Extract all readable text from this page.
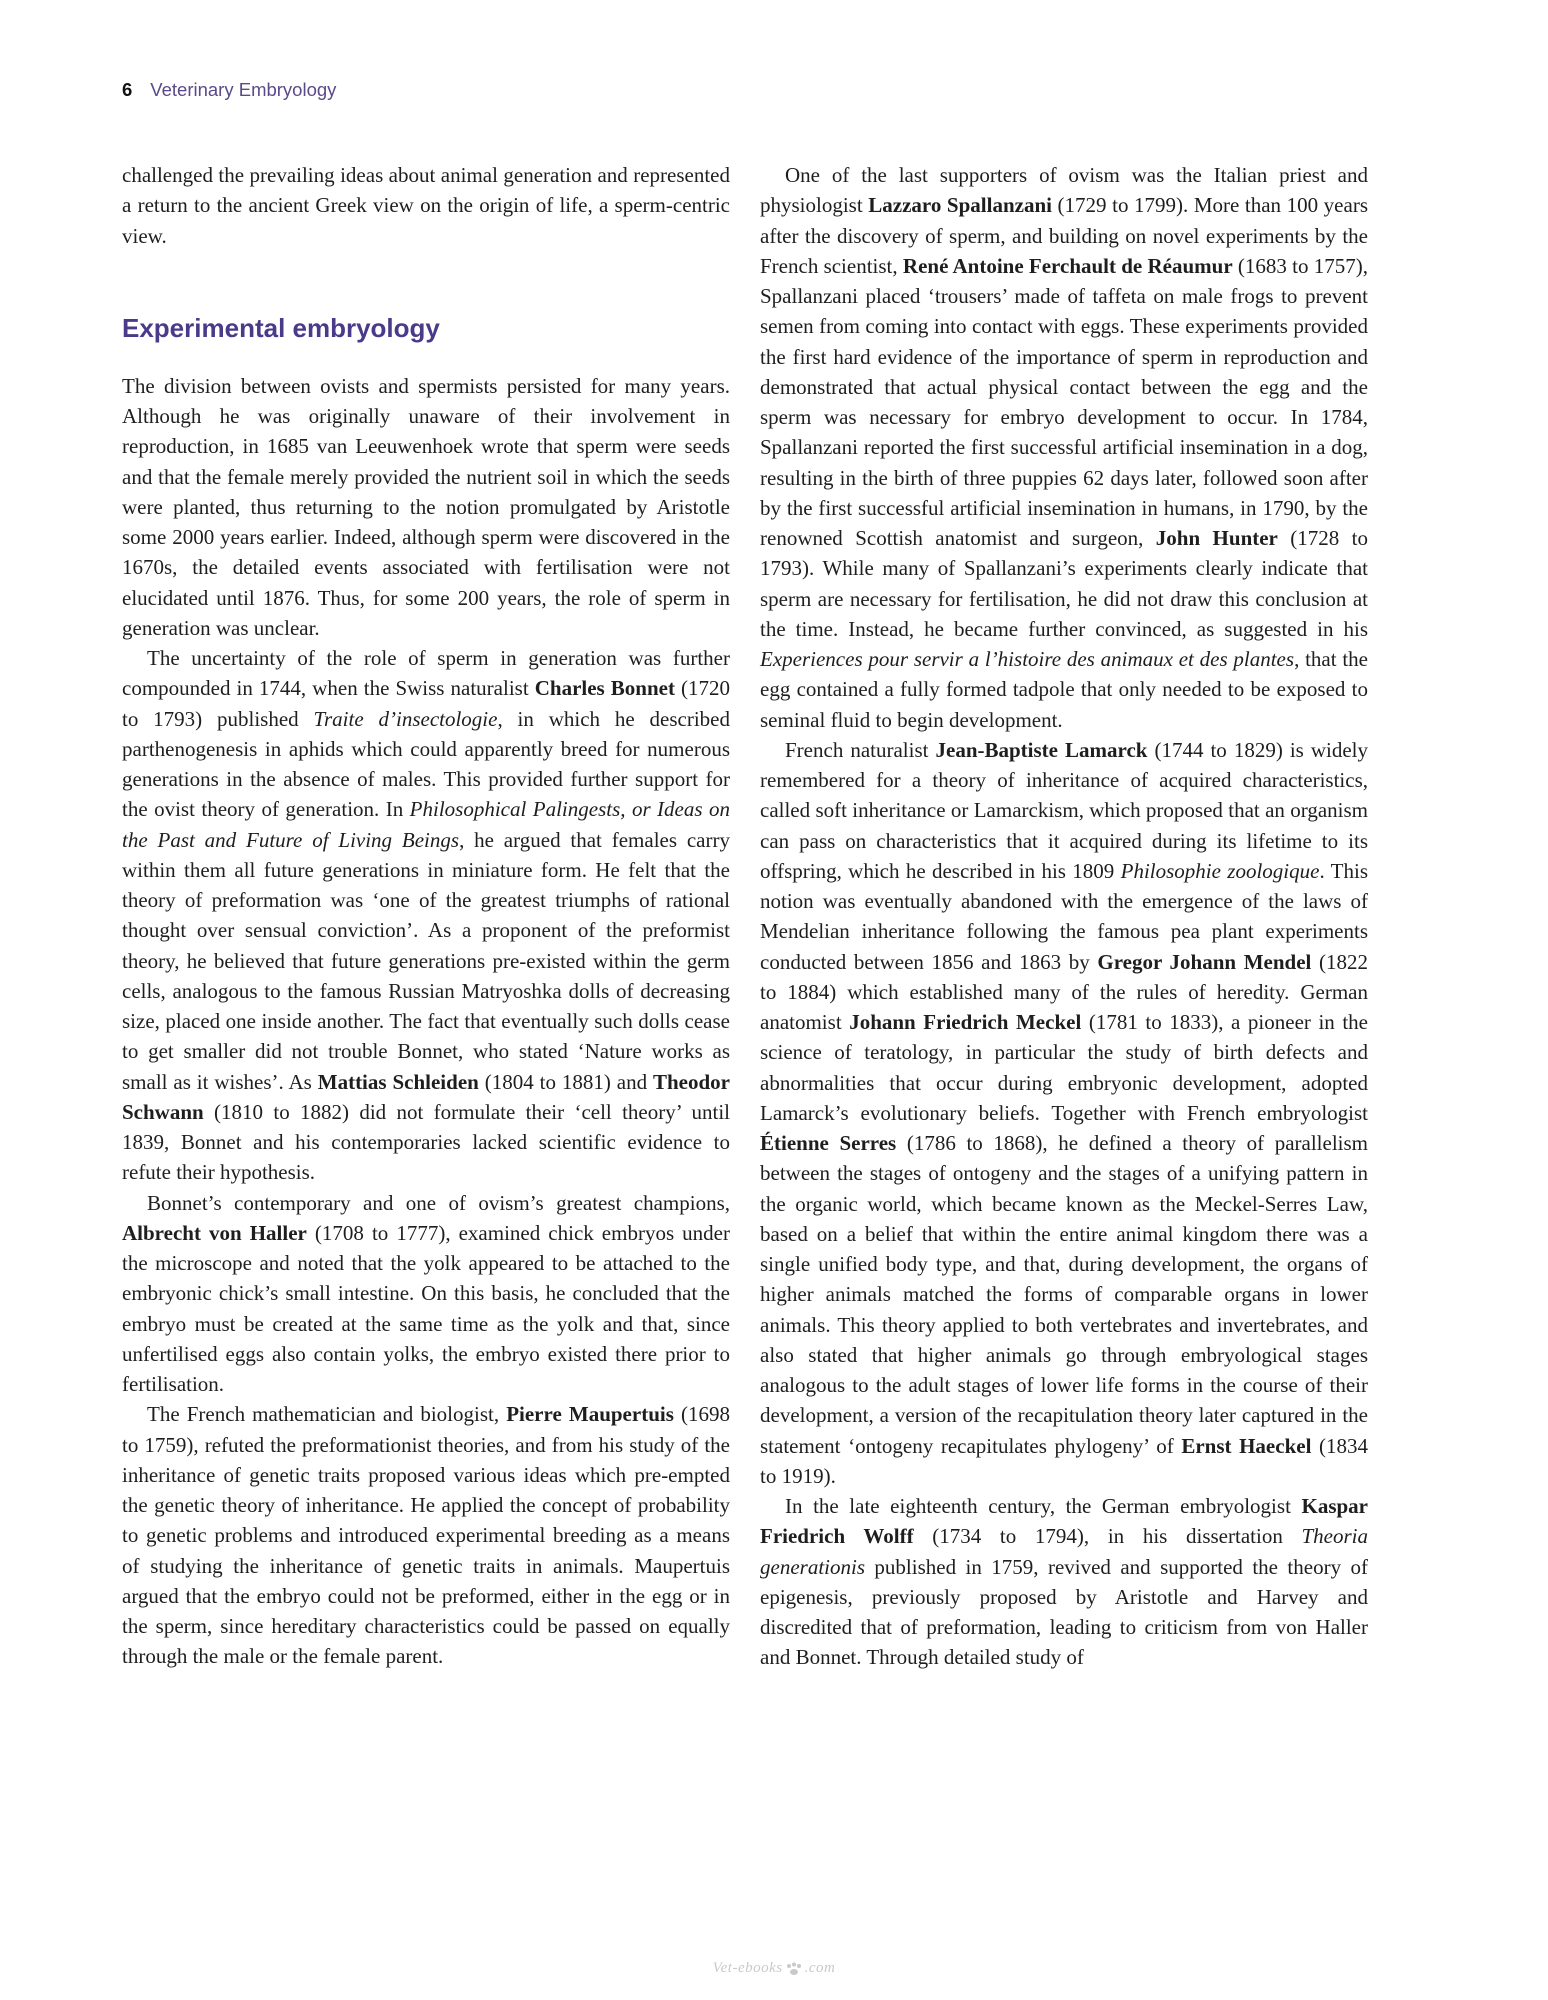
6 Veterinary Embryology

challenged the prevailing ideas about animal generation and represented a return to the ancient Greek view on the origin of life, a sperm-centric view.

Experimental embryology

The division between ovists and spermists persisted for many years. Although he was originally unaware of their involvement in reproduction, in 1685 van Leeuwenhoek wrote that sperm were seeds and that the female merely provided the nutrient soil in which the seeds were planted, thus returning to the notion promulgated by Aristotle some 2000 years earlier. Indeed, although sperm were discovered in the 1670s, the detailed events associated with fertilisation were not elucidated until 1876. Thus, for some 200 years, the role of sperm in generation was unclear.

The uncertainty of the role of sperm in generation was further compounded in 1744, when the Swiss naturalist Charles Bonnet (1720 to 1793) published Traite d’insectologie, in which he described parthenogenesis in aphids which could apparently breed for numerous generations in the absence of males. This provided further support for the ovist theory of generation. In Philosophical Palingests, or Ideas on the Past and Future of Living Beings, he argued that females carry within them all future generations in miniature form. He felt that the theory of preformation was ‘one of the greatest triumphs of rational thought over sensual conviction’. As a proponent of the preformist theory, he believed that future generations pre-existed within the germ cells, analogous to the famous Russian Matryoshka dolls of decreasing size, placed one inside another. The fact that eventually such dolls cease to get smaller did not trouble Bonnet, who stated ‘Nature works as small as it wishes’. As Mattias Schleiden (1804 to 1881) and Theodor Schwann (1810 to 1882) did not formulate their ‘cell theory’ until 1839, Bonnet and his contemporaries lacked scientific evidence to refute their hypothesis.

Bonnet’s contemporary and one of ovism’s greatest champions, Albrecht von Haller (1708 to 1777), examined chick embryos under the microscope and noted that the yolk appeared to be attached to the embryonic chick’s small intestine. On this basis, he concluded that the embryo must be created at the same time as the yolk and that, since unfertilised eggs also contain yolks, the embryo existed there prior to fertilisation.

The French mathematician and biologist, Pierre Maupertuis (1698 to 1759), refuted the preformationist theories, and from his study of the inheritance of genetic traits proposed various ideas which pre-empted the genetic theory of inheritance. He applied the concept of probability to genetic problems and introduced experimental breeding as a means of studying the inheritance of genetic traits in animals. Maupertuis argued that the embryo could not be preformed, either in the egg or in the sperm, since hereditary characteristics could be passed on equally through the male or the female parent.

One of the last supporters of ovism was the Italian priest and physiologist Lazzaro Spallanzani (1729 to 1799). More than 100 years after the discovery of sperm, and building on novel experiments by the French scientist, René Antoine Ferchault de Réaumur (1683 to 1757), Spallanzani placed ‘trousers’ made of taffeta on male frogs to prevent semen from coming into contact with eggs. These experiments provided the first hard evidence of the importance of sperm in reproduction and demonstrated that actual physical contact between the egg and the sperm was necessary for embryo development to occur. In 1784, Spallanzani reported the first successful artificial insemination in a dog, resulting in the birth of three puppies 62 days later, followed soon after by the first successful artificial insemination in humans, in 1790, by the renowned Scottish anatomist and surgeon, John Hunter (1728 to 1793). While many of Spallanzani’s experiments clearly indicate that sperm are necessary for fertilisation, he did not draw this conclusion at the time. Instead, he became further convinced, as suggested in his Experiences pour servir a l’histoire des animaux et des plantes, that the egg contained a fully formed tadpole that only needed to be exposed to seminal fluid to begin development.

French naturalist Jean-Baptiste Lamarck (1744 to 1829) is widely remembered for a theory of inheritance of acquired characteristics, called soft inheritance or Lamarckism, which proposed that an organism can pass on characteristics that it acquired during its lifetime to its offspring, which he described in his 1809 Philosophie zoologique. This notion was eventually abandoned with the emergence of the laws of Mendelian inheritance following the famous pea plant experiments conducted between 1856 and 1863 by Gregor Johann Mendel (1822 to 1884) which established many of the rules of heredity. German anatomist Johann Friedrich Meckel (1781 to 1833), a pioneer in the science of teratology, in particular the study of birth defects and abnormalities that occur during embryonic development, adopted Lamarck’s evolutionary beliefs. Together with French embryologist Étienne Serres (1786 to 1868), he defined a theory of parallelism between the stages of ontogeny and the stages of a unifying pattern in the organic world, which became known as the Meckel-Serres Law, based on a belief that within the entire animal kingdom there was a single unified body type, and that, during development, the organs of higher animals matched the forms of comparable organs in lower animals. This theory applied to both vertebrates and invertebrates, and also stated that higher animals go through embryological stages analogous to the adult stages of lower life forms in the course of their development, a version of the recapitulation theory later captured in the statement ‘ontogeny recapitulates phylogeny’ of Ernst Haeckel (1834 to 1919).

In the late eighteenth century, the German embryologist Kaspar Friedrich Wolff (1734 to 1794), in his dissertation Theoria generationis published in 1759, revived and supported the theory of epigenesis, previously proposed by Aristotle and Harvey and discredited that of preformation, leading to criticism from von Haller and Bonnet. Through detailed study of

Vet-ebooks .com
